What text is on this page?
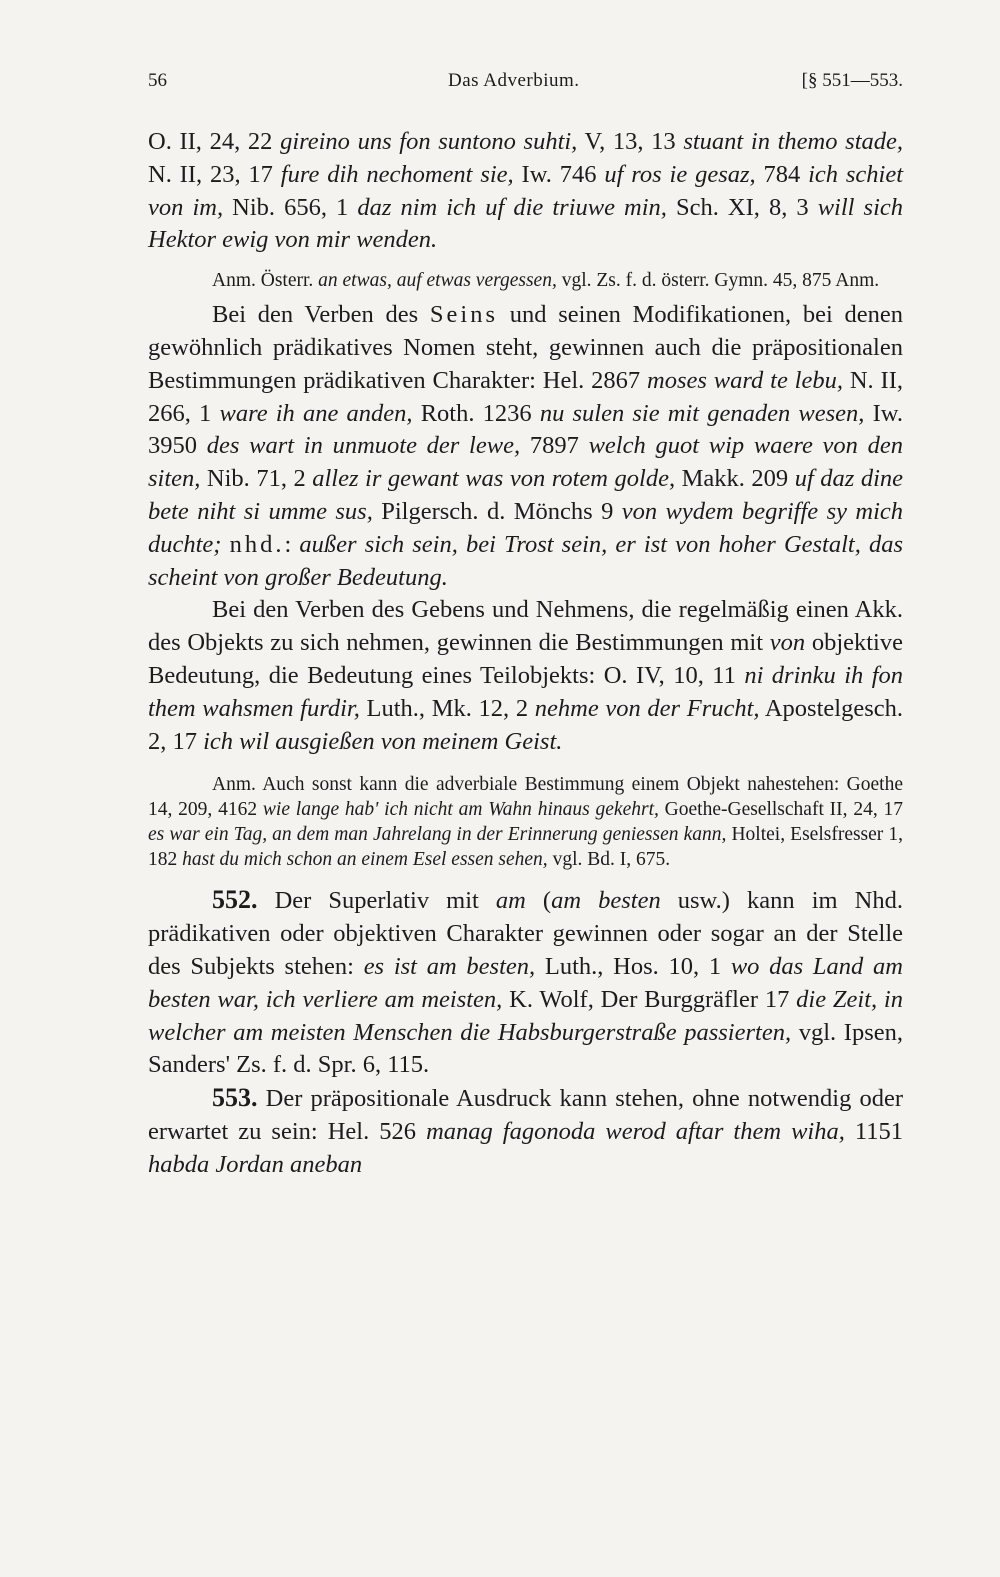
56	Das Adverbium.	[§ 551—553.

O. II, 24, 22 gireino uns fon suntono suhti, V, 13, 13 stuant in themo stade, N. II, 23, 17 fure dih nechoment sie, Iw. 746 uf ros ie gesaz, 784 ich schiet von im, Nib. 656, 1 daz nim ich uf die triuwe min, Sch. XI, 8, 3 will sich Hektor ewig von mir wenden.

Anm. Österr. an etwas, auf etwas vergessen, vgl. Zs. f. d. österr. Gymn. 45, 875 Anm.

Bei den Verben des Seins und seinen Modifikationen, bei denen gewöhnlich prädikatives Nomen steht, gewinnen auch die präpositionalen Bestimmungen prädikativen Charakter: Hel. 2867 moses ward te lebu, N. II, 266, 1 ware ih ane anden, Roth. 1236 nu sulen sie mit genaden wesen, Iw. 3950 des wart in unmuote der lewe, 7897 welch guot wip waere von den siten, Nib. 71, 2 allez ir gewant was von rotem golde, Makk. 209 uf daz dine bete niht si umme sus, Pilgersch. d. Mönchs 9 von wydem begriffe sy mich duchte; nhd.: außer sich sein, bei Trost sein, er ist von hoher Gestalt, das scheint von großer Bedeutung.

Bei den Verben des Gebens und Nehmens, die regelmäßig einen Akk. des Objekts zu sich nehmen, gewinnen die Bestimmungen mit von objektive Bedeutung, die Bedeutung eines Teilobjekts: O. IV, 10, 11 ni drinku ih fon them wahsmen furdir, Luth., Mk. 12, 2 nehme von der Frucht, Apostelgesch. 2, 17 ich wil ausgießen von meinem Geist.

Anm. Auch sonst kann die adverbiale Bestimmung einem Objekt nahestehen: Goethe 14, 209, 4162 wie lange hab' ich nicht am Wahn hinaus gekehrt, Goethe-Gesellschaft II, 24, 17 es war ein Tag, an dem man Jahrelang in der Erinnerung geniessen kann, Holtei, Eselsfresser 1, 182 hast du mich schon an einem Esel essen sehen, vgl. Bd. I, 675.

552. Der Superlativ mit am (am besten usw.) kann im Nhd. prädikativen oder objektiven Charakter gewinnen oder sogar an der Stelle des Subjekts stehen: es ist am besten, Luth., Hos. 10, 1 wo das Land am besten war, ich verliere am meisten, K. Wolf, Der Burggräfler 17 die Zeit, in welcher am meisten Menschen die Habsburgerstraße passierten, vgl. Ipsen, Sanders' Zs. f. d. Spr. 6, 115.

553. Der präpositionale Ausdruck kann stehen, ohne notwendig oder erwartet zu sein: Hel. 526 manag fagonoda werod aftar them wiha, 1151 habda Jordan aneban
